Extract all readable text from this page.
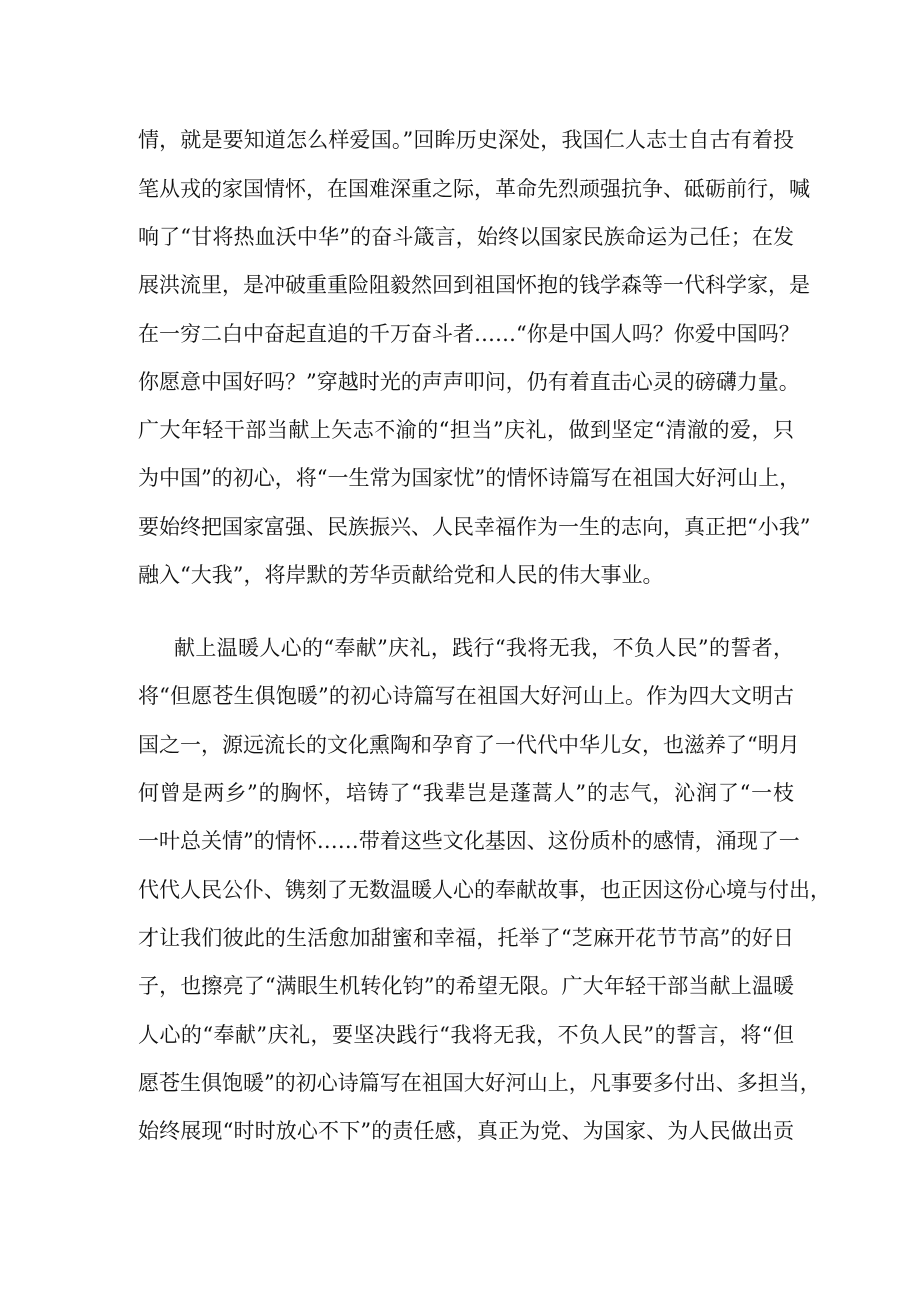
情，就是要知道怎么样爱国。”回眸历史深处，我国仁人志士自古有着投
笔从戎的家国情怀，在国难深重之际，革命先烈顽强抗争、砥砺前行，喊
响了“甘将热血沃中华”的奋斗箴言，始终以国家民族命运为己任；在发
展洪流里，是冲破重重险阻毅然回到祖国怀抱的钱学森等一代科学家，是
在一穷二白中奋起直追的千万奋斗者……“你是中国人吗？你爱中国吗？
你愿意中国好吗？”穿越时光的声声叩问，仍有着直击心灵的磅礴力量。
广大年轻干部当献上矢志不渝的“担当”庆礼，做到坚定“清澈的爱，只
为中国”的初心，将“一生常为国家忧”的情怀诗篇写在祖国大好河山上，
要始终把国家富强、民族振兴、人民幸福作为一生的志向，真正把“小我”
融入“大我”，将岸默的芳华贡献给党和人民的伟大事业。
献上温暖人心的“奉献”庆礼，践行“我将无我，不负人民”的誓者，
将“但愿苍生俱饱暖”的初心诗篇写在祖国大好河山上。作为四大文明古
国之一，源远流长的文化熏陶和孕育了一代代中华儿女，也滋养了“明月
何曾是两乡”的胸怀，培铸了“我辈岂是蓬蒿人”的志气，沁润了“一枝
一叶总关情”的情怀……带着这些文化基因、这份质朴的感情，涌现了一
代代人民公仆、镌刻了无数温暖人心的奉献故事，也正因这份心境与付出，
才让我们彼此的生活愈加甜蜜和幸福，托举了“芝麻开花节节高”的好日
子，也擦亮了“满眼生机转化钧”的希望无限。广大年轻干部当献上温暖
人心的“奉献”庆礼，要坚决践行“我将无我，不负人民”的誓言，将“但
愿苍生俱饱暖”的初心诗篇写在祖国大好河山上，凡事要多付出、多担当，
始终展现“时时放心不下”的责任感，真正为党、为国家、为人民做出贡
